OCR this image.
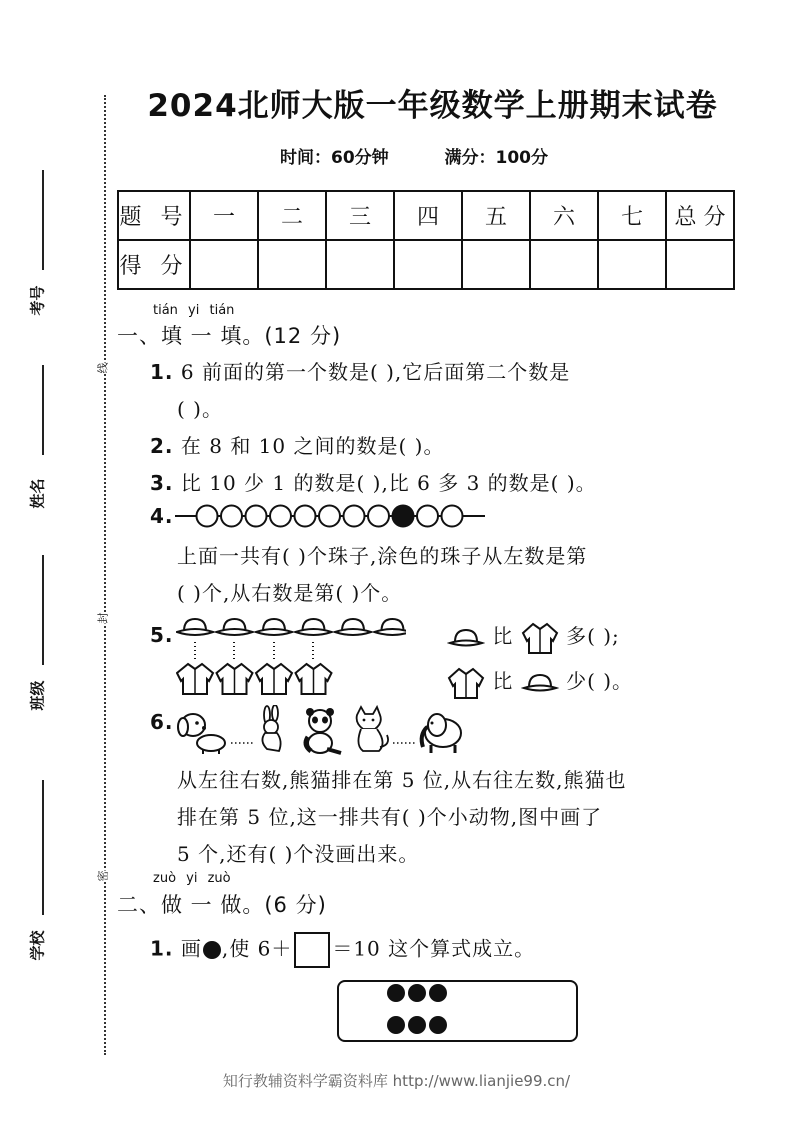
考号
姓名
班级
学校
线
封
密
2024北师大版一年级数学上册期末试卷
时间：60分钟	满分：100分
题 号	一	二	三	四	五	六	七	总 分
得 分								
tián yi tián
一、填 一 填。(12 分)
1. 6 前面的第一个数是( ),它后面第二个数是
( )。
2. 在 8 和 10 之间的数是( )。
3. 比 10 少 1 的数是( ),比 6 多 3 的数是( )。
4.
上面一共有( )个珠子,涂色的珠子从左数是第
( )个,从右数是第( )个。
5.	比	多( );
比	少( )。
6.
从左往右数,熊猫排在第 5 位,从右往左数,熊猫也
排在第 5 位,这一排共有( )个小动物,图中画了
5 个,还有( )个没画出来。
zuò yi zuò
二、做 一 做。(6 分)
1. 画 ,使 6＋ ＝10 这个算式成立。
知行教辅资料学霸资料库 http://www.lianjie99.cn/
